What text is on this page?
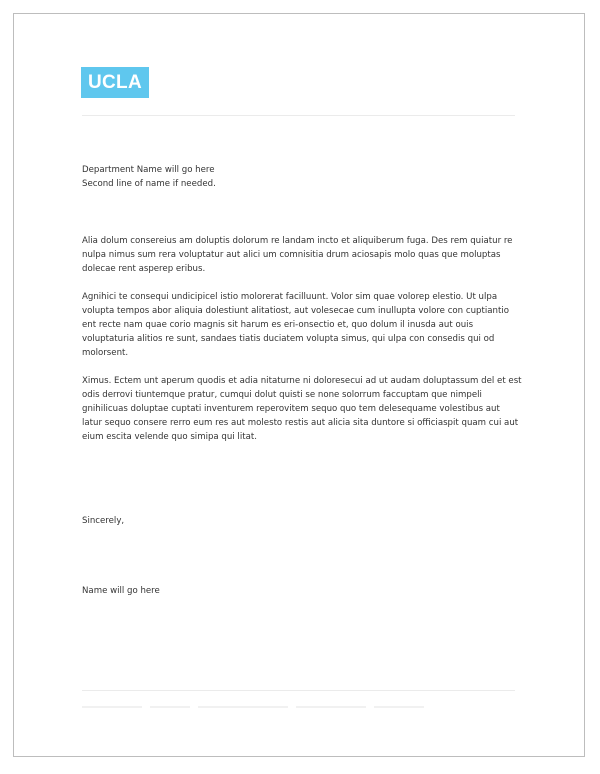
UCLA
Department Name will go here
Second line of name if needed.

Alia dolum consereius am doluptis dolorum re landam incto et aliquiberum fuga. Des rem quiatur re nulpa nimus sum rera voluptatur aut alici um comnisitia drum aciosapis molo quas que moluptas dolecae rent asperep eribus.

Agnihici te consequi undicipicel istio molorerat facilluunt. Volor sim quae volorep elestio. Ut ulpa volupta tempos abor aliquia dolestiunt alitatiost, aut volesecae cum inullupta volore con cuptiantio ent recte nam quae corio magnis sit harum es eri-onsectio et, quo dolum il inusda aut ouis voluptaturia alitios re sunt, sandaes tiatis duciatem volupta simus, qui ulpa con consedis qui od molorsent.

Ximus. Ectem unt aperum quodis et adia nitaturne ni doloresecui ad ut audam doluptassum del et est odis derrovi tiuntemque pratur, cumqui dolut quisti se none solorrum faccuptam que nimpeli gnihilicuas doluptae cuptati inventurem reperovitem sequo quo tem delesequame volestibus aut latur sequo consere rerro eum res aut molesto restis aut alicia sita duntore si officiaspit quam cui aut eium escita velende quo simipa qui litat.

Sincerely,
Name will go here
